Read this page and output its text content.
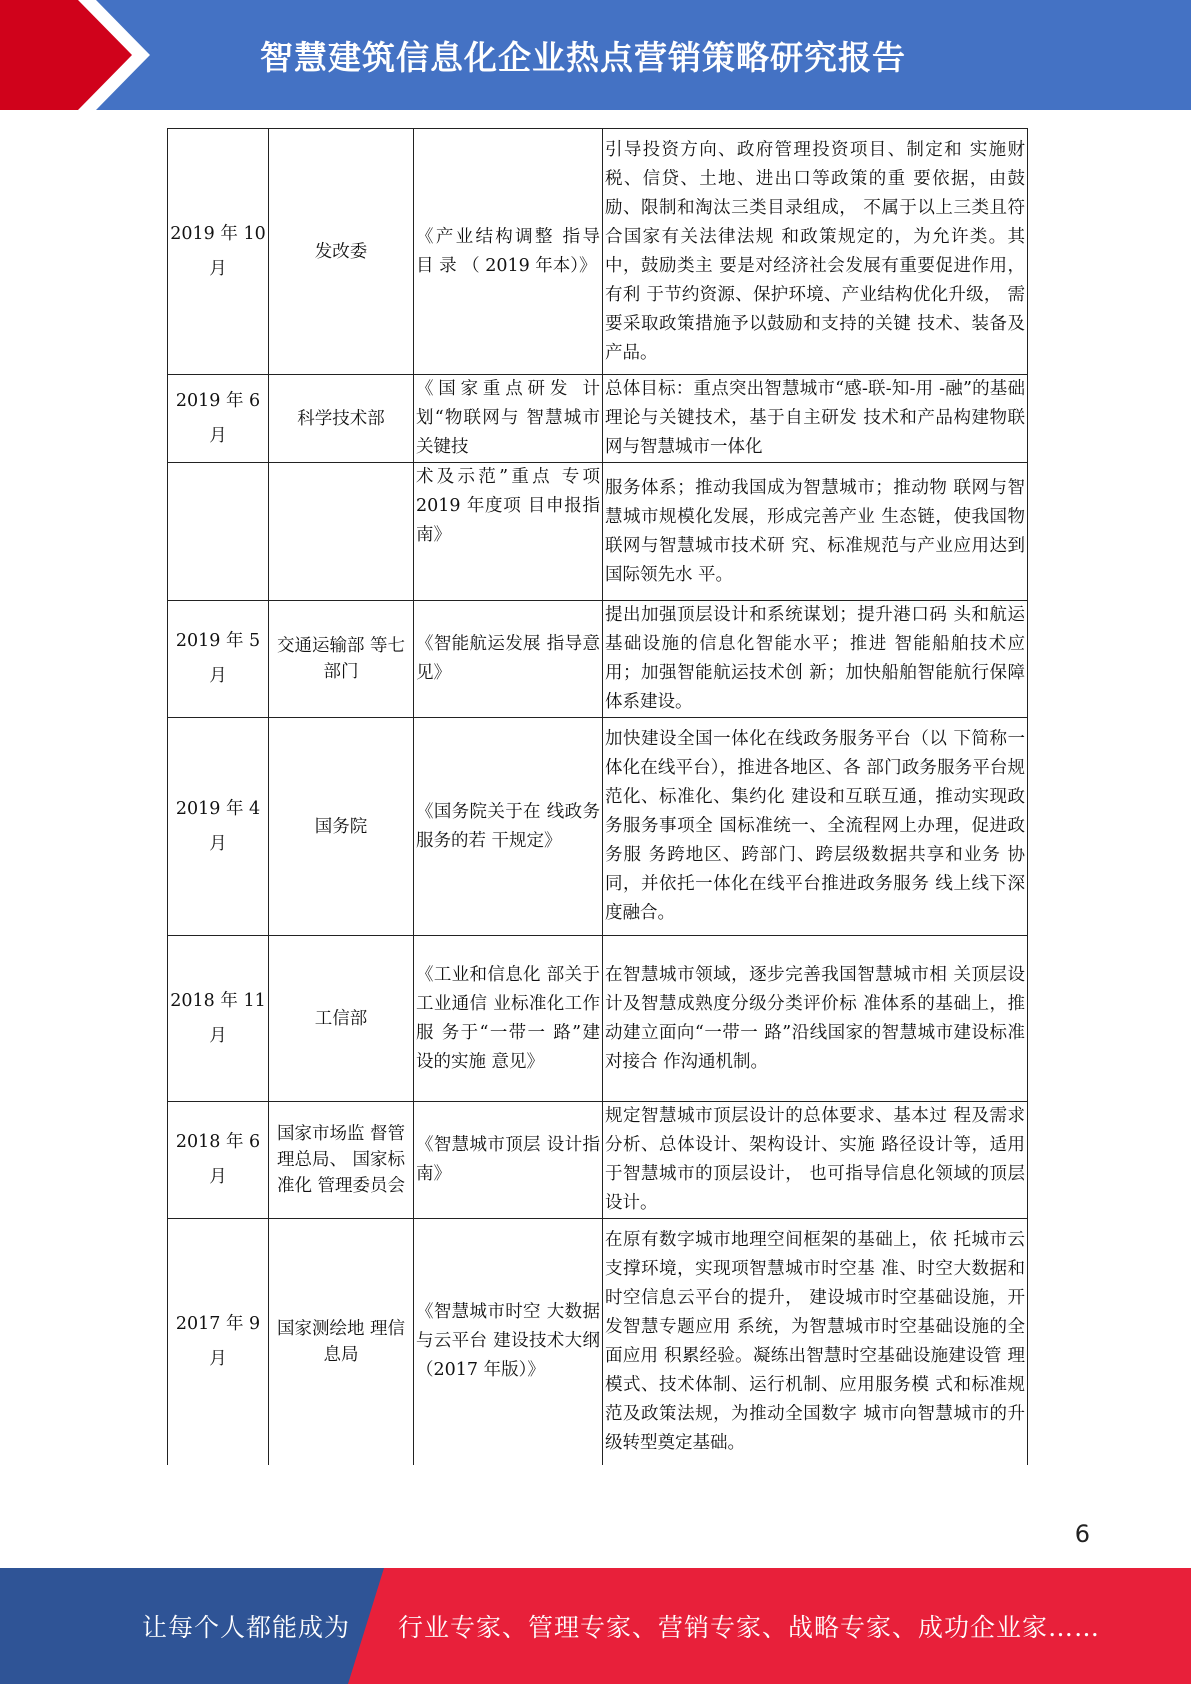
智慧建筑信息化企业热点营销策略研究报告
2019 年 10 月	发改委	《产业结构调整 指导 目 录 （ 2019 年本）》	引导投资方向、政府管理投资项目、制定和 实施财税、信贷、土地、进出口等政策的重 要依据，由鼓励、限制和淘汰三类目录组成， 不属于以上三类且符合国家有关法律法规 和政策规定的，为允许类。其中，鼓励类主 要是对经济社会发展有重要促进作用，有利 于节约资源、保护环境、产业结构优化升级， 需要采取政策措施予以鼓励和支持的关键 技术、装备及产品。
2019 年 6 月	科学技术部	《国家重点研发 计划“物联网与 智慧城市关键技	总体目标：重点突出智慧城市“感-联-知-用 -融”的基础理论与关键技术，基于自主研发 技术和产品构建物联网与智慧城市一体化
		术及示范”重点 专项 2019 年度项 目申报指南》	服务体系；推动我国成为智慧城市；推动物 联网与智慧城市规模化发展，形成完善产业 生态链，使我国物联网与智慧城市技术研 究、标准规范与产业应用达到国际领先水 平。
2019 年 5 月	交通运输部 等七部门	《智能航运发展 指导意见》	提出加强顶层设计和系统谋划；提升港口码 头和航运基础设施的信息化智能水平；推进 智能船舶技术应用；加强智能航运技术创 新；加快船舶智能航行保障体系建设。
2019 年 4 月	国务院	《国务院关于在 线政务服务的若 干规定》	加快建设全国一体化在线政务服务平台（以 下简称一体化在线平台），推进各地区、各 部门政务服务平台规范化、标准化、集约化 建设和互联互通，推动实现政务服务事项全 国标准统一、全流程网上办理，促进政务服 务跨地区、跨部门、跨层级数据共享和业务 协同，并依托一体化在线平台推进政务服务 线上线下深度融合。
2018 年 11 月	工信部	《工业和信息化 部关于工业通信 业标准化工作服 务于“一带一 路”建设的实施 意见》	在智慧城市领域，逐步完善我国智慧城市相 关顶层设计及智慧成熟度分级分类评价标 准体系的基础上，推动建立面向“一带一 路”沿线国家的智慧城市建设标准对接合 作沟通机制。
2018 年 6 月	国家市场监 督管理总局、 国家标准化 管理委员会	《智慧城市顶层 设计指南》	规定智慧城市顶层设计的总体要求、基本过 程及需求分析、总体设计、架构设计、实施 路径设计等，适用于智慧城市的顶层设计， 也可指导信息化领域的顶层设计。
2017 年 9 月	国家测绘地 理信息局	《智慧城市时空 大数据与云平台 建设技术大纲 （2017 年版）》	在原有数字城市地理空间框架的基础上，依 托城市云支撑环境，实现项智慧城市时空基 准、时空大数据和时空信息云平台的提升， 建设城市时空基础设施，开发智慧专题应用 系统，为智慧城市时空基础设施的全面应用 积累经验。凝练出智慧时空基础设施建设管 理模式、技术体制、运行机制、应用服务模 式和标准规范及政策法规，为推动全国数字 城市向智慧城市的升级转型奠定基础。
6
让每个人都能成为 行业专家、管理专家、营销专家、战略专家、成功企业家……
